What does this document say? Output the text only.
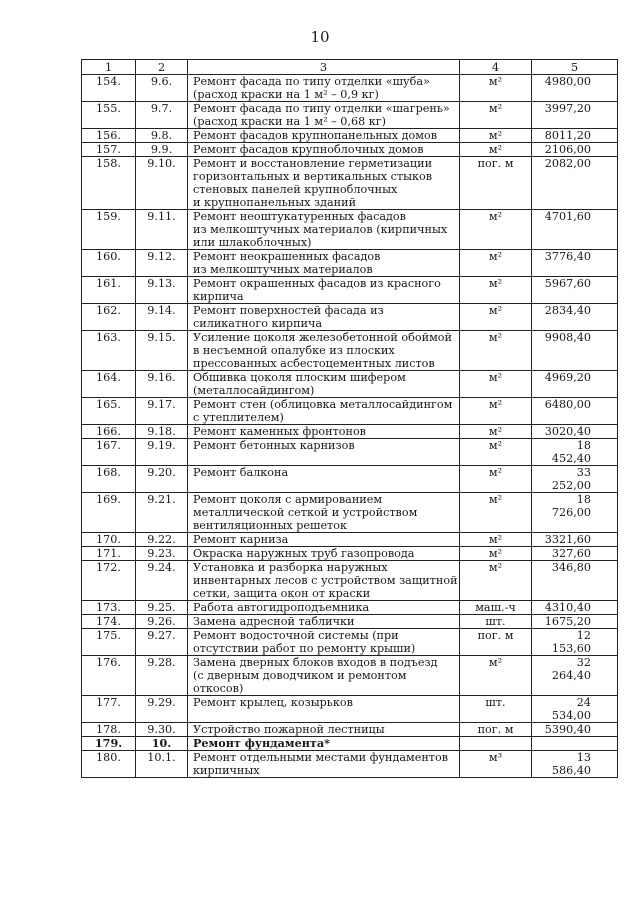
10
1	2	3	4	5
154.	9.6.	Ремонт фасада по типу отделки «шуба»
(расход краски на 1 м² – 0,9 кг)	м²	4980,00
155.	9.7.	Ремонт фасада по типу отделки «шагрень»
(расход краски на 1 м² – 0,68 кг)	м²	3997,20
156.	9.8.	Ремонт фасадов крупнопанельных домов	м²	8011,20
157.	9.9.	Ремонт фасадов крупноблочных домов	м²	2106,00
158.	9.10.	Ремонт и восстановление герметизации
горизонтальных и вертикальных стыков
стеновых панелей крупноблочных
и крупнопанельных зданий	пог. м	2082,00
159.	9.11.	Ремонт неоштукатуренных фасадов
из мелкоштучных материалов (кирпичных
или шлакоблочных)	м²	4701,60
160.	9.12.	Ремонт неокрашенных фасадов
из мелкоштучных материалов	м²	3776,40
161.	9.13.	Ремонт окрашенных фасадов из красного
кирпича	м²	5967,60
162.	9.14.	Ремонт поверхностей фасада из
силикатного кирпича	м²	2834,40
163.	9.15.	Усиление цоколя железобетонной обоймой
в несъемной опалубке из плоских
прессованных асбестоцементных листов	м²	9908,40
164.	9.16.	Обшивка цоколя плоским шифером
(металлосайдингом)	м²	4969,20
165.	9.17.	Ремонт стен (облицовка металлосайдингом
с утеплителем)	м²	6480,00
166.	9.18.	Ремонт каменных фронтонов	м²	3020,40
167.	9.19.	Ремонт бетонных карнизов	м²	18 452,40
168.	9.20.	Ремонт балкона	м²	33 252,00
169.	9.21.	Ремонт цоколя с армированием
металлической сеткой и устройством
вентиляционных решеток	м²	18 726,00
170.	9.22.	Ремонт карниза	м²	3321,60
171.	9.23.	Окраска наружных труб газопровода	м²	327,60
172.	9.24.	Установка и разборка наружных
инвентарных лесов с устройством защитной
сетки, защита окон от краски	м²	346,80
173.	9.25.	Работа автогидроподъемника	маш.-ч	4310,40
174.	9.26.	Замена адресной таблички	шт.	1675,20
175.	9.27.	Ремонт водосточной системы (при
отсутствии работ по ремонту крыши)	пог. м	12 153,60
176.	9.28.	Замена дверных блоков входов в подъезд
(с дверным доводчиком и ремонтом
откосов)	м²	32 264,40
177.	9.29.	Ремонт крылец, козырьков	шт.	24 534,00
178.	9.30.	Устройство пожарной лестницы	пог. м	5390,40
179.	10.	Ремонт фундамента*		

180.	10.1.	Ремонт отдельными местами фундаментов
кирпичных	м³	13 586,40
